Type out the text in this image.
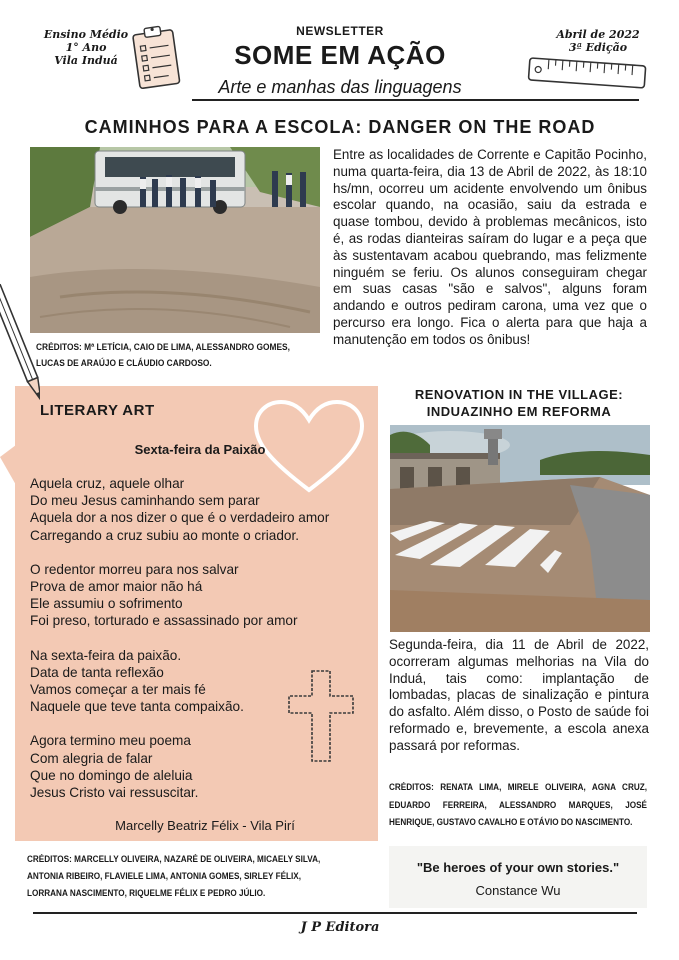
Ensino Médio
1° Ano
Vila Induá
NEWSLETTER
SOME EM AÇÃO
Arte e manhas das linguagens
Abril de 2022
3ª Edição
CAMINHOS PARA A ESCOLA: DANGER ON THE ROAD
CRÉDITOS: Mª LETÍCIA, CAIO DE LIMA, ALESSANDRO GOMES, LUCAS DE ARAÚJO E CLÁUDIO CARDOSO.
Entre as localidades de Corrente e Capitão Pocinho, numa quarta-feira, dia 13 de Abril de 2022, às 18:10 hs/mn, ocorreu um acidente envolvendo um ônibus escolar quando, na ocasião, saiu da estrada e quase tombou, devido à problemas mecânicos, isto é, as rodas dianteiras saíram do lugar e a peça que às sustentavam acabou quebrando, mas felizmente ninguém se feriu. Os alunos conseguiram chegar em suas casas "são e salvos", alguns foram andando e outros pediram carona, uma vez que o percurso era longo. Fica o alerta para que haja a manutenção em todos os ônibus!
LITERARY ART
Sexta-feira da Paixão
Aquela cruz, aquele olhar
Do meu Jesus caminhando sem parar
Aquela dor a nos dizer o que é o verdadeiro amor
Carregando a cruz subiu ao monte o criador.
O redentor morreu para nos salvar
Prova de amor maior não há
Ele assumiu o sofrimento
Foi preso, torturado e assassinado por amor
Na sexta-feira da paixão.
Data de tanta reflexão
Vamos começar a ter mais fé
Naquele que teve tanta compaixão.
Agora termino meu poema
Com alegria de falar
Que no domingo de aleluia
Jesus Cristo vai ressuscitar.
Marcelly Beatriz Félix - Vila Pirí
CRÉDITOS: MARCELLY OLIVEIRA, NAZARÉ DE OLIVEIRA, MICAELY SILVA, ANTONIA RIBEIRO, FLAVIELE LIMA, ANTONIA GOMES, SIRLEY FÉLIX, LORRANA NASCIMENTO, RIQUELME FÉLIX E PEDRO JÚLIO.
RENOVATION IN THE VILLAGE:
INDUAZINHO EM REFORMA
Segunda-feira, dia 11 de Abril de 2022, ocorreram algumas melhorias na Vila do Induá, tais como: implantação de lombadas, placas de sinalização e pintura do asfalto. Além disso, o Posto de saúde foi reformado e, brevemente, a escola anexa passará por reformas.
CRÉDITOS: RENATA LIMA, MIRELE OLIVEIRA, AGNA CRUZ, EDUARDO FERREIRA, ALESSANDRO MARQUES, JOSÉ HENRIQUE, GUSTAVO CAVALHO E OTÁVIO DO NASCIMENTO.
"Be heroes of your own stories."
Constance Wu
J P Editora
